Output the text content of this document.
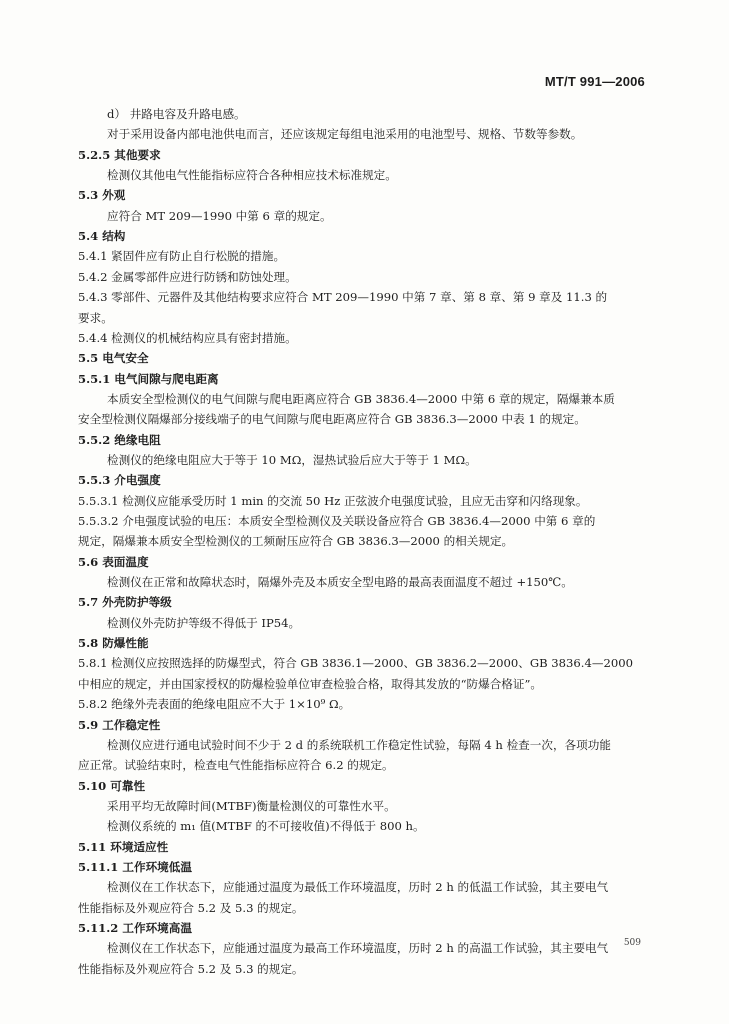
MT/T 991—2006
d） 井路电容及升路电感。
对于采用设备内部电池供电而言，还应该规定每组电池采用的电池型号、规格、节数等参数。
5.2.5 其他要求
检测仪其他电气性能指标应符合各种相应技术标准规定。
5.3 外观
应符合 MT 209—1990 中第 6 章的规定。
5.4 结构
5.4.1 紧固件应有防止自行松脱的措施。
5.4.2 金属零部件应进行防锈和防蚀处理。
5.4.3 零部件、元器件及其他结构要求应符合 MT 209—1990 中第 7 章、第 8 章、第 9 章及 11.3 的
要求。
5.4.4 检测仪的机械结构应具有密封措施。
5.5 电气安全
5.5.1 电气间隙与爬电距离
本质安全型检测仪的电气间隙与爬电距离应符合 GB 3836.4—2000 中第 6 章的规定，隔爆兼本质
安全型检测仪隔爆部分接线端子的电气间隙与爬电距离应符合 GB 3836.3—2000 中表 1 的规定。
5.5.2 绝缘电阻
检测仪的绝缘电阻应大于等于 10 MΩ，湿热试验后应大于等于 1 MΩ。
5.5.3 介电强度
5.5.3.1 检测仪应能承受历时 1 min 的交流 50 Hz 正弦波介电强度试验，且应无击穿和闪络现象。
5.5.3.2 介电强度试验的电压：本质安全型检测仪及关联设备应符合 GB 3836.4—2000 中第 6 章的
规定，隔爆兼本质安全型检测仪的工频耐压应符合 GB 3836.3—2000 的相关规定。
5.6 表面温度
检测仪在正常和故障状态时，隔爆外壳及本质安全型电路的最高表面温度不超过 +150℃。
5.7 外壳防护等级
检测仪外壳防护等级不得低于 IP54。
5.8 防爆性能
5.8.1 检测仪应按照选择的防爆型式，符合 GB 3836.1—2000、GB 3836.2—2000、GB 3836.4—2000
中相应的规定，并由国家授权的防爆检验单位审查检验合格，取得其发放的“防爆合格证”。
5.8.2 绝缘外壳表面的绝缘电阻应不大于 1×10⁹ Ω。
5.9 工作稳定性
检测仪应进行通电试验时间不少于 2 d 的系统联机工作稳定性试验，每隔 4 h 检查一次，各项功能
应正常。试验结束时，检查电气性能指标应符合 6.2 的规定。
5.10 可靠性
采用平均无故障时间(MTBF)衡量检测仪的可靠性水平。
检测仪系统的 m₁ 值(MTBF 的不可接收值)不得低于 800 h。
5.11 环境适应性
5.11.1 工作环境低温
检测仪在工作状态下，应能通过温度为最低工作环境温度，历时 2 h 的低温工作试验，其主要电气
性能指标及外观应符合 5.2 及 5.3 的规定。
5.11.2 工作环境高温
检测仪在工作状态下，应能通过温度为最高工作环境温度，历时 2 h 的高温工作试验，其主要电气
性能指标及外观应符合 5.2 及 5.3 的规定。
509
